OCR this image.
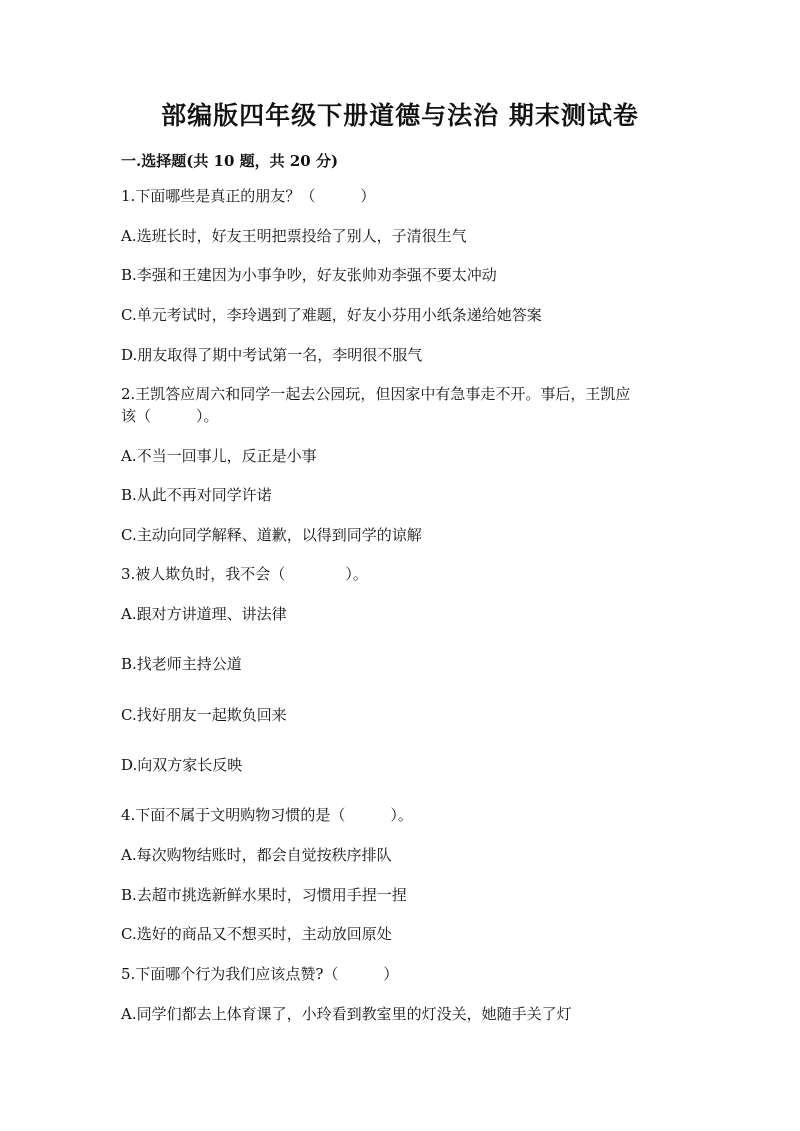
部编版四年级下册道德与法治 期末测试卷
一.选择题(共 10 题，共 20 分)
1.下面哪些是真正的朋友？（　　　）
A.选班长时，好友王明把票投给了别人，子清很生气
B.李强和王建因为小事争吵，好友张帅劝李强不要太冲动
C.单元考试时，李玲遇到了难题，好友小芬用小纸条递给她答案
D.朋友取得了期中考试第一名，李明很不服气
2.王凯答应周六和同学一起去公园玩，但因家中有急事走不开。事后，王凯应
该（　　　）。
A.不当一回事儿，反正是小事
B.从此不再对同学许诺
C.主动向同学解释、道歉，以得到同学的谅解
3.被人欺负时，我不会（　　　　）。
A.跟对方讲道理、讲法律
B.找老师主持公道
C.找好朋友一起欺负回来
D.向双方家长反映
4.下面不属于文明购物习惯的是（　　　）。
A.每次购物结账时，都会自觉按秩序排队
B.去超市挑选新鲜水果时，习惯用手捏一捏
C.选好的商品又不想买时，主动放回原处
5.下面哪个行为我们应该点赞?（　　　）
A.同学们都去上体育课了，小玲看到教室里的灯没关，她随手关了灯
